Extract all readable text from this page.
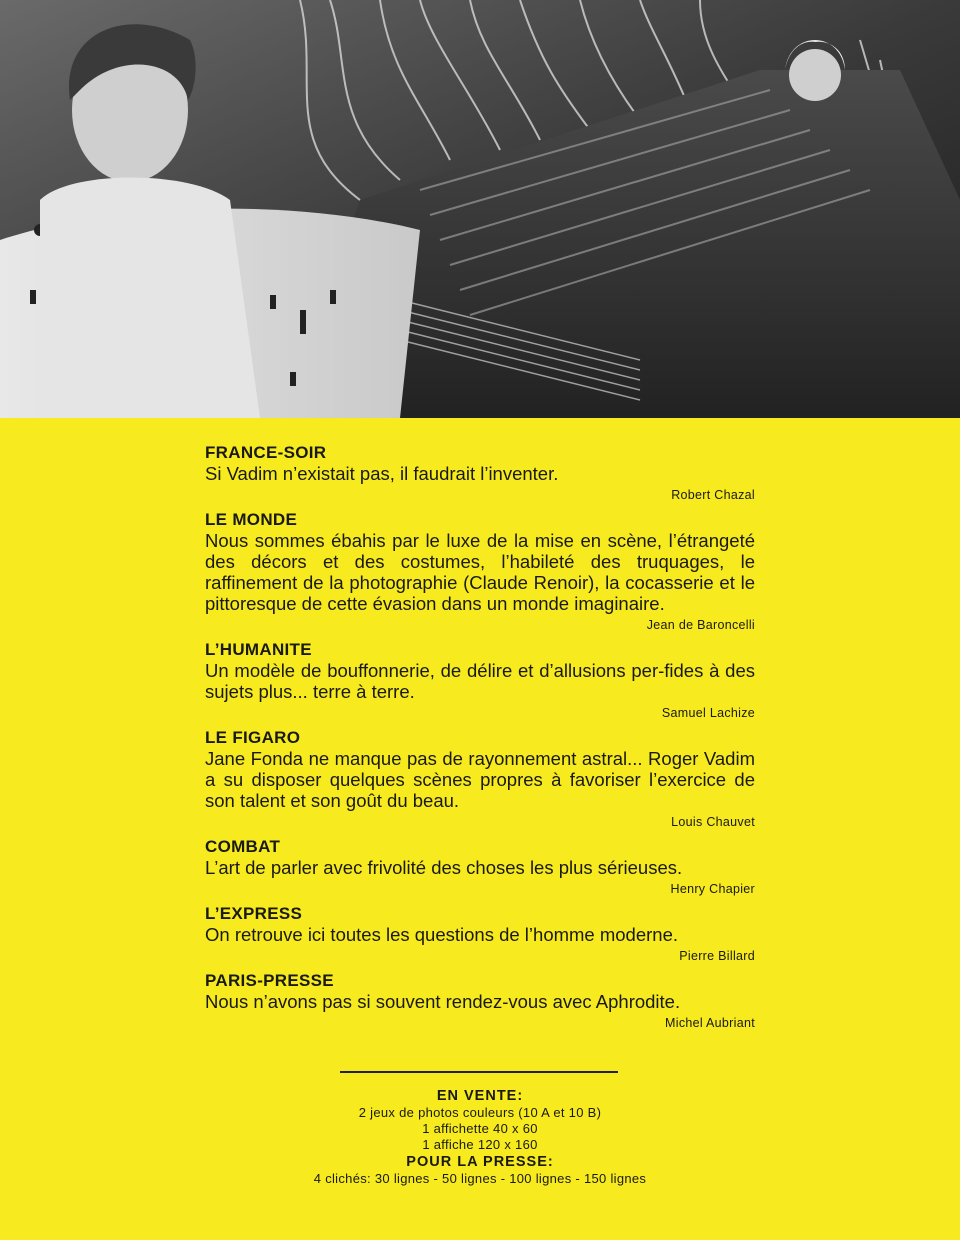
FRANCE-SOIR
Si Vadim n’existait pas, il faudrait l’inventer.
Robert Chazal
LE MONDE
Nous sommes ébahis par le luxe de la mise en scène, l’étrangeté des décors et des costumes, l’habileté des truquages, le raffinement de la photographie (Claude Renoir), la cocasserie et le pittoresque de cette évasion dans un monde imaginaire.
Jean de Baroncelli
L’HUMANITE
Un modèle de bouffonnerie, de délire et d’allusions per-fides à des sujets plus... terre à terre.
Samuel Lachize
LE FIGARO
Jane Fonda ne manque pas de rayonnement astral... Roger Vadim a su disposer quelques scènes propres à favoriser l’exercice de son talent et son goût du beau.
Louis Chauvet
COMBAT
L’art de parler avec frivolité des choses les plus sérieuses.
Henry Chapier
L’EXPRESS
On retrouve ici toutes les questions de l’homme moderne.
Pierre Billard
PARIS-PRESSE
Nous n’avons pas si souvent rendez-vous avec Aphrodite.
Michel Aubriant
EN VENTE:
2 jeux de photos couleurs (10 A et 10 B)
1 affichette 40 x 60
1 affiche 120 x 160
POUR LA PRESSE:
4 clichés: 30 lignes - 50 lignes - 100 lignes - 150 lignes
